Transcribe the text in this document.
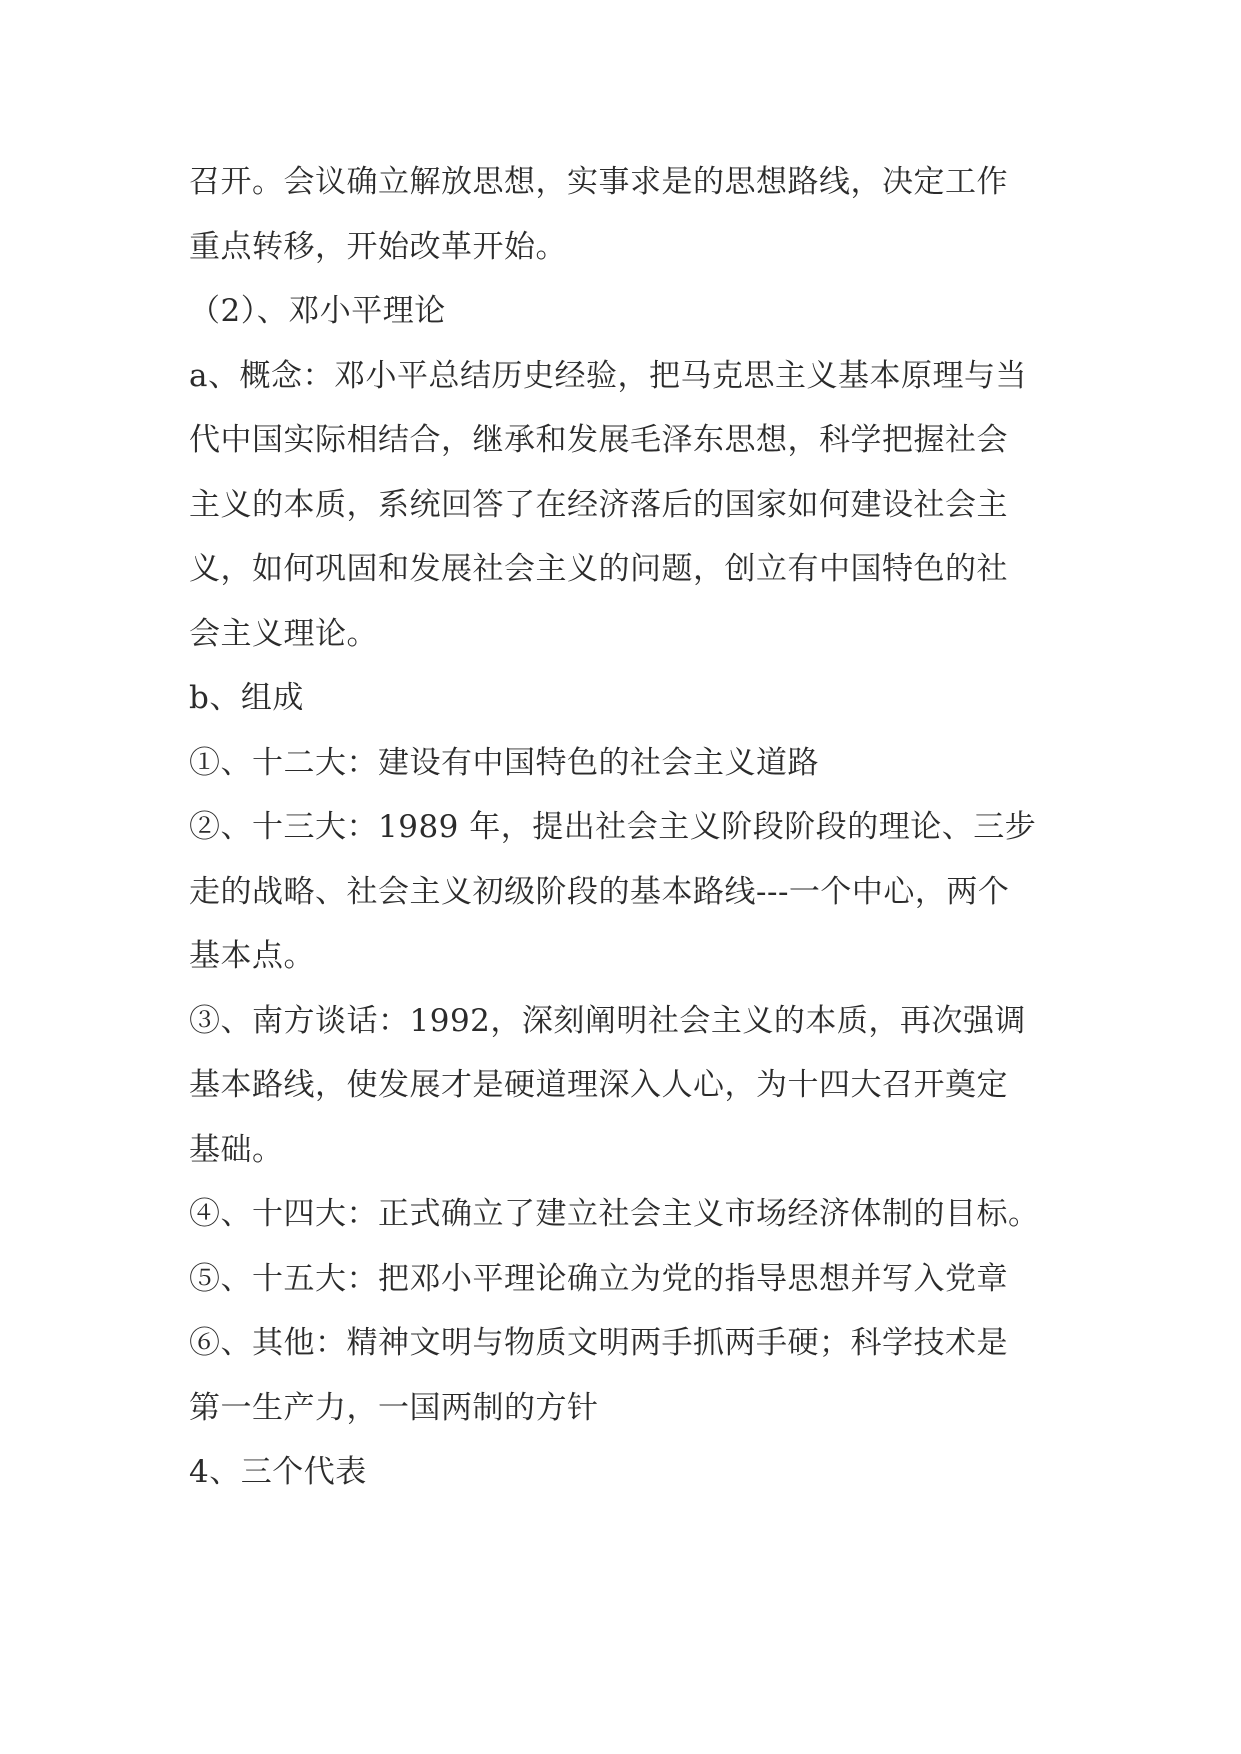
召开。会议确立解放思想，实事求是的思想路线，决定工作
重点转移，开始改革开始。
（2）、邓小平理论
a、概念：邓小平总结历史经验，把马克思主义基本原理与当
代中国实际相结合，继承和发展毛泽东思想，科学把握社会
主义的本质，系统回答了在经济落后的国家如何建设社会主
义，如何巩固和发展社会主义的问题，创立有中国特色的社
会主义理论。
b、组成
①、十二大：建设有中国特色的社会主义道路
②、十三大：1989 年，提出社会主义阶段阶段的理论、三步
走的战略、社会主义初级阶段的基本路线---一个中心，两个
基本点。
③、南方谈话：1992，深刻阐明社会主义的本质，再次强调
基本路线，使发展才是硬道理深入人心，为十四大召开奠定
基础。
④、十四大：正式确立了建立社会主义市场经济体制的目标。
⑤、十五大：把邓小平理论确立为党的指导思想并写入党章
⑥、其他：精神文明与物质文明两手抓两手硬；科学技术是
第一生产力，一国两制的方针
4、三个代表
